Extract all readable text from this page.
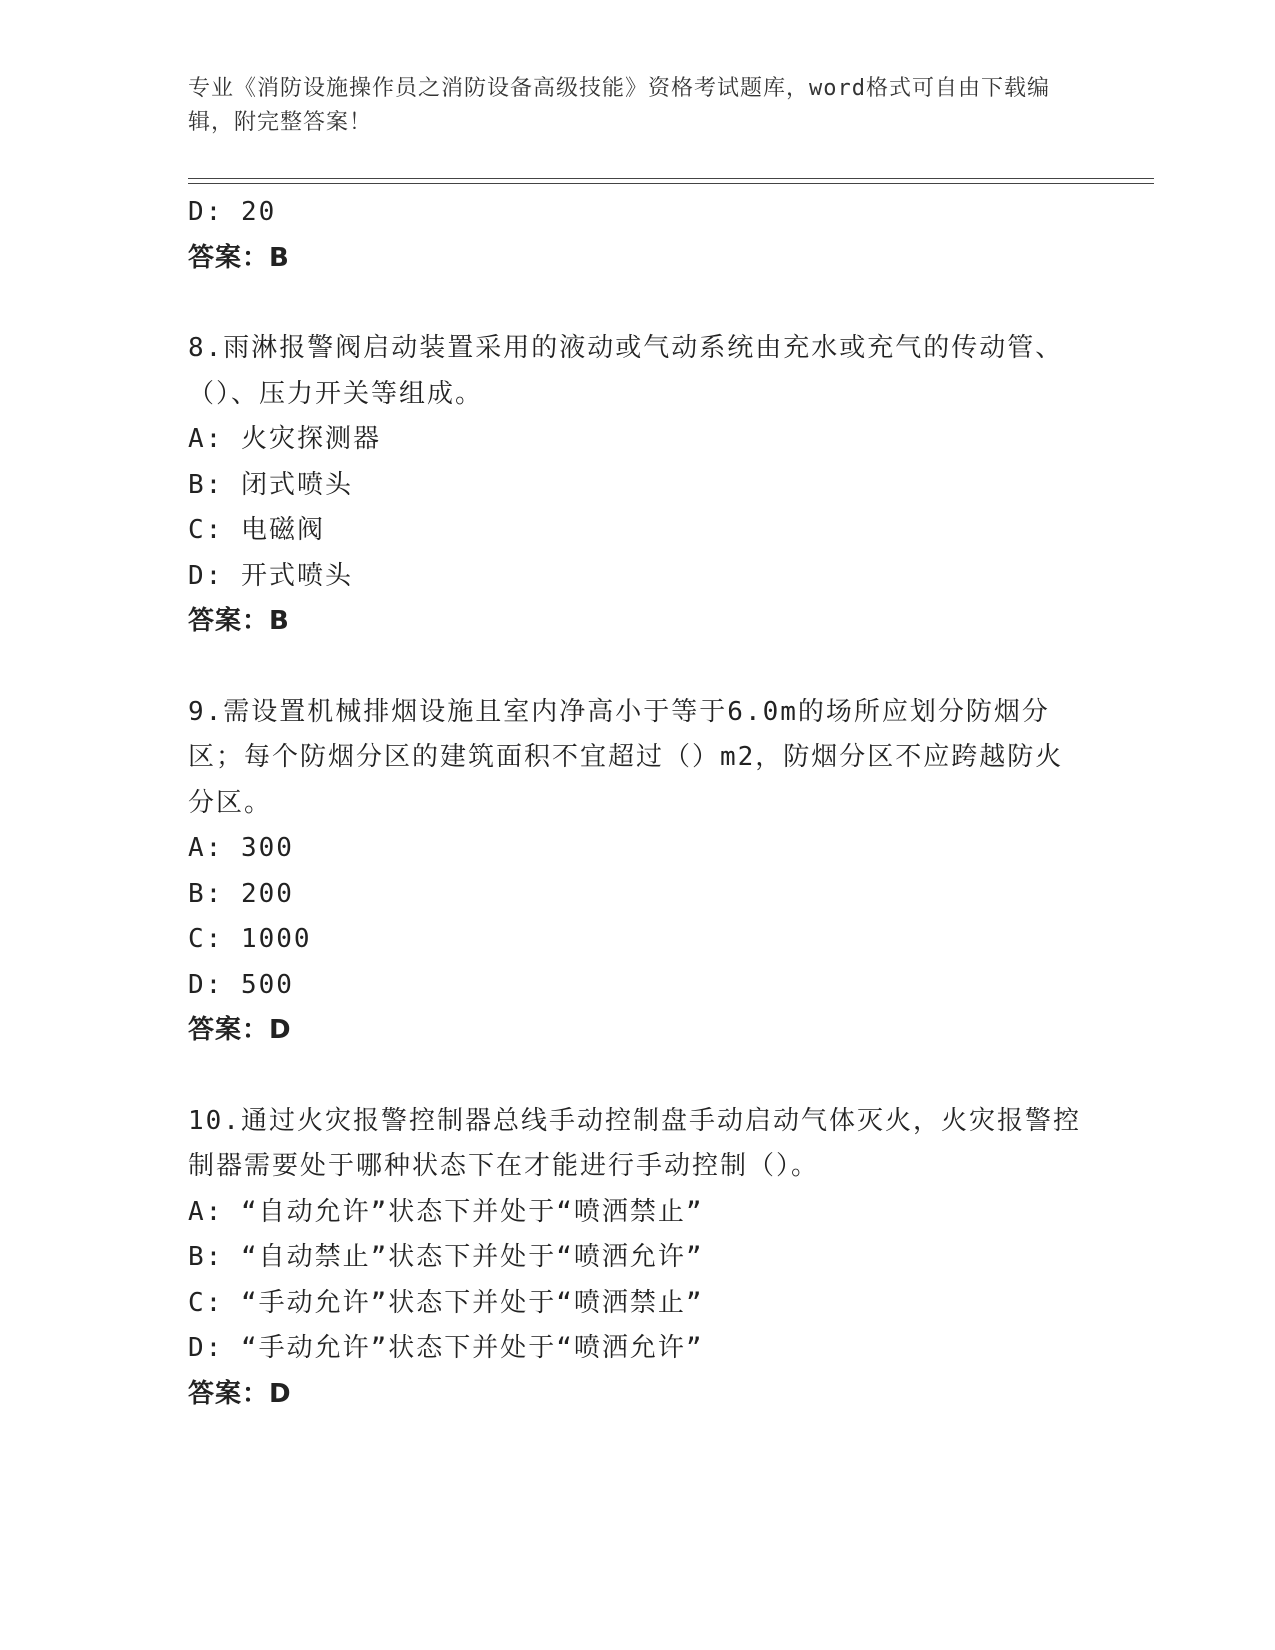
专业《消防设施操作员之消防设备高级技能》资格考试题库，word格式可自由下载编辑，附完整答案！
D: 20
答案：B
8.雨淋报警阀启动装置采用的液动或气动系统由充水或充气的传动管、（）、压力开关等组成。
A: 火灾探测器
B: 闭式喷头
C: 电磁阀
D: 开式喷头
答案：B
9.需设置机械排烟设施且室内净高小于等于6.0m的场所应划分防烟分区；每个防烟分区的建筑面积不宜超过（）m2，防烟分区不应跨越防火分区。
A: 300
B: 200
C: 1000
D: 500
答案：D
10.通过火灾报警控制器总线手动控制盘手动启动气体灭火，火灾报警控制器需要处于哪种状态下在才能进行手动控制（）。
A: “自动允许”状态下并处于“喷洒禁止”
B: “自动禁止”状态下并处于“喷洒允许”
C: “手动允许”状态下并处于“喷洒禁止”
D: “手动允许”状态下并处于“喷洒允许”
答案：D
